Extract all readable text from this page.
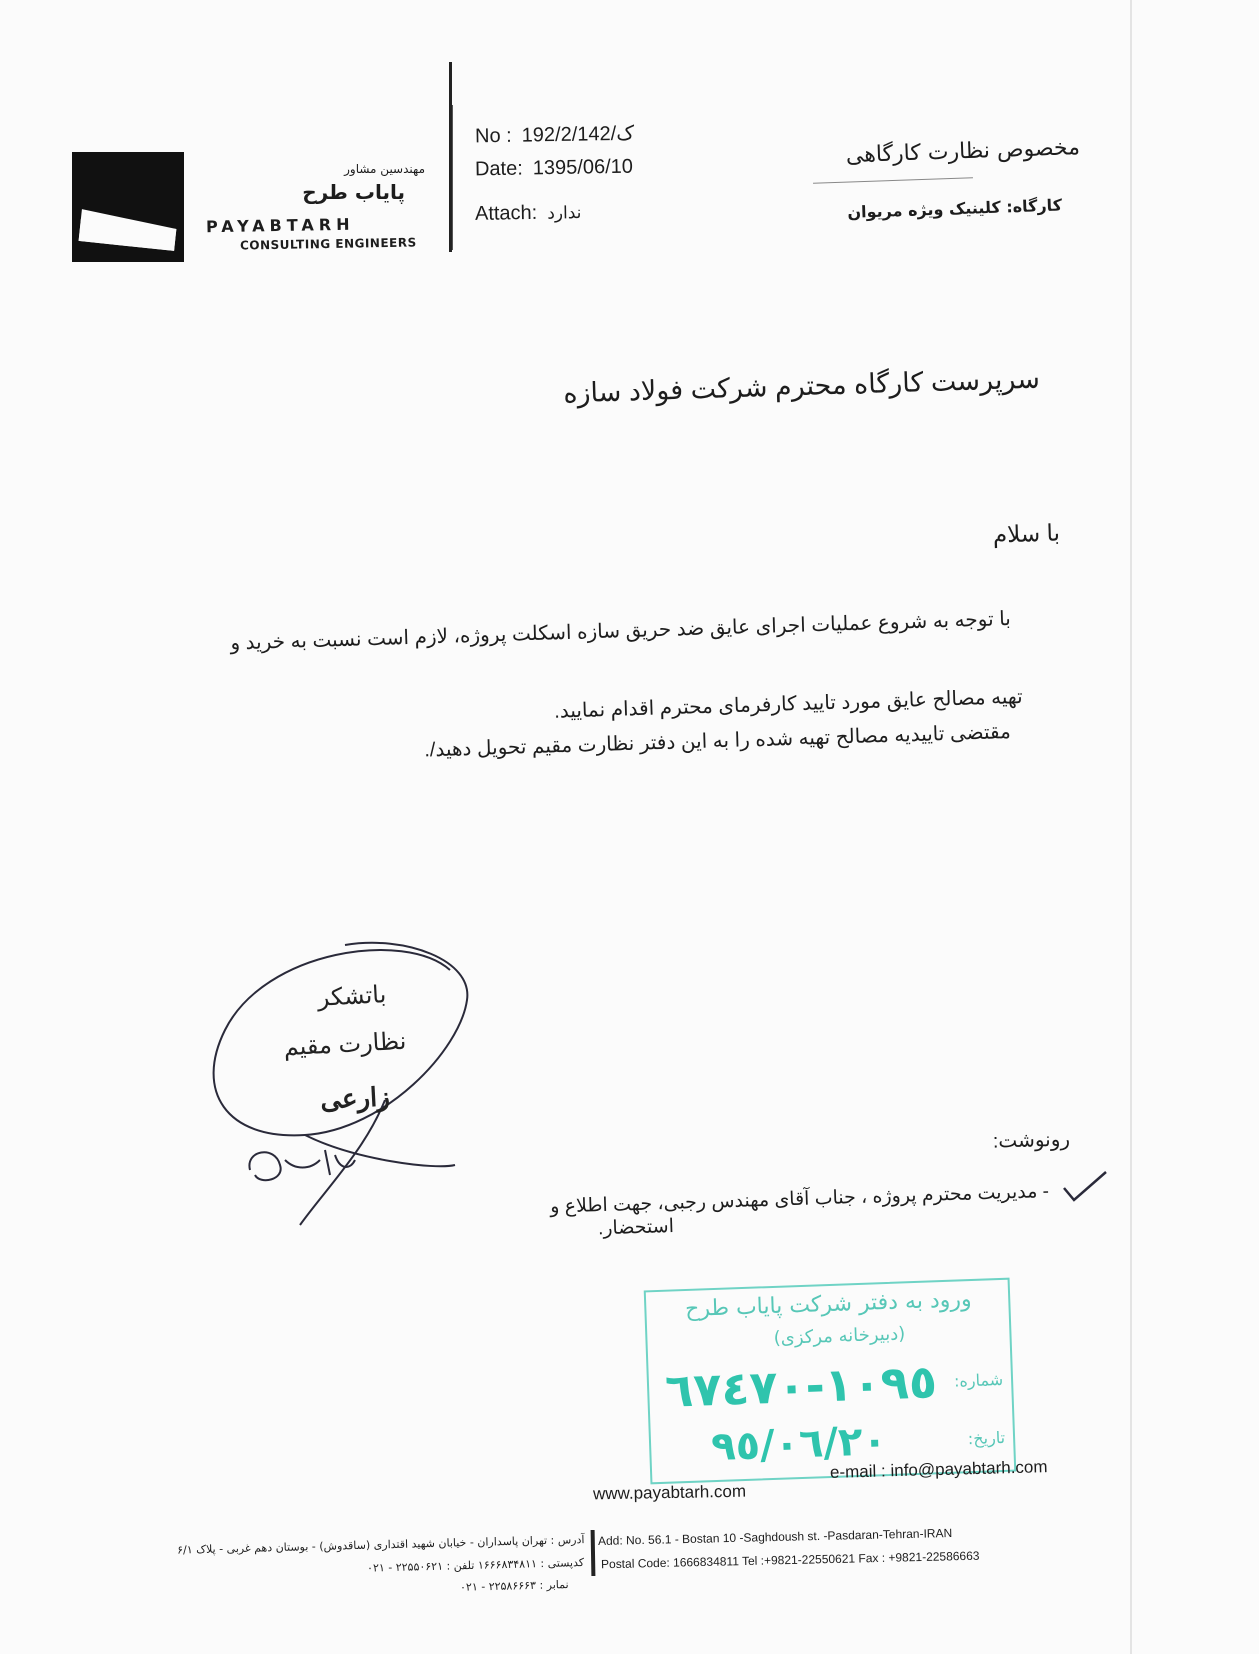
مهندسین مشاور
پایاب طرح
PAYABTARH
CONSULTING ENGINEERS
No : 192/2/ک/142
Date: 1395/06/10
Attach: ندارد
مخصوص نظارت کارگاهی
کارگاه: کلینیک ویژه مریوان
سرپرست کارگاه محترم شرکت فولاد سازه
با سلام
با توجه به شروع عملیات اجرای عایق ضد حریق سازه اسکلت پروژه، لازم است نسبت به خرید و
تهیه مصالح عایق مورد تایید کارفرمای محترم اقدام نمایید.
مقتضی تاییدیه مصالح تهیه شده را به این دفتر نظارت مقیم تحویل دهید/.
باتشکر
نظارت مقیم
زارعی
رونوشت:
- مدیریت محترم پروژه ، جناب آقای مهندس رجبی، جهت اطلاع و
استحضار.
ورود به دفتر شرکت پایاب طرح
(دبیرخانه مرکزی)
شماره:
١٠٩٥-٦٧٤٧٠
تاریخ:
٩٥/٠٦/٢٠
www.payabtarh.com
e-mail : info@payabtarh.com
Add: No. 56.1 - Bostan 10 -Saghdoush st. -Pasdaran-Tehran-IRAN
Postal Code: 1666834811 Tel :+9821-22550621 Fax : +9821-22586663
آدرس : تهران پاسداران - خیابان شهید اقتداری (ساقدوش) - بوستان دهم غربی - پلاک ۶/۱
کدپستی : ۱۶۶۶۸۳۴۸۱۱ تلفن : ۲۲۵۵۰۶۲۱ - ۰۲۱
نمابر : ۲۲۵۸۶۶۶۳ - ۰۲۱
